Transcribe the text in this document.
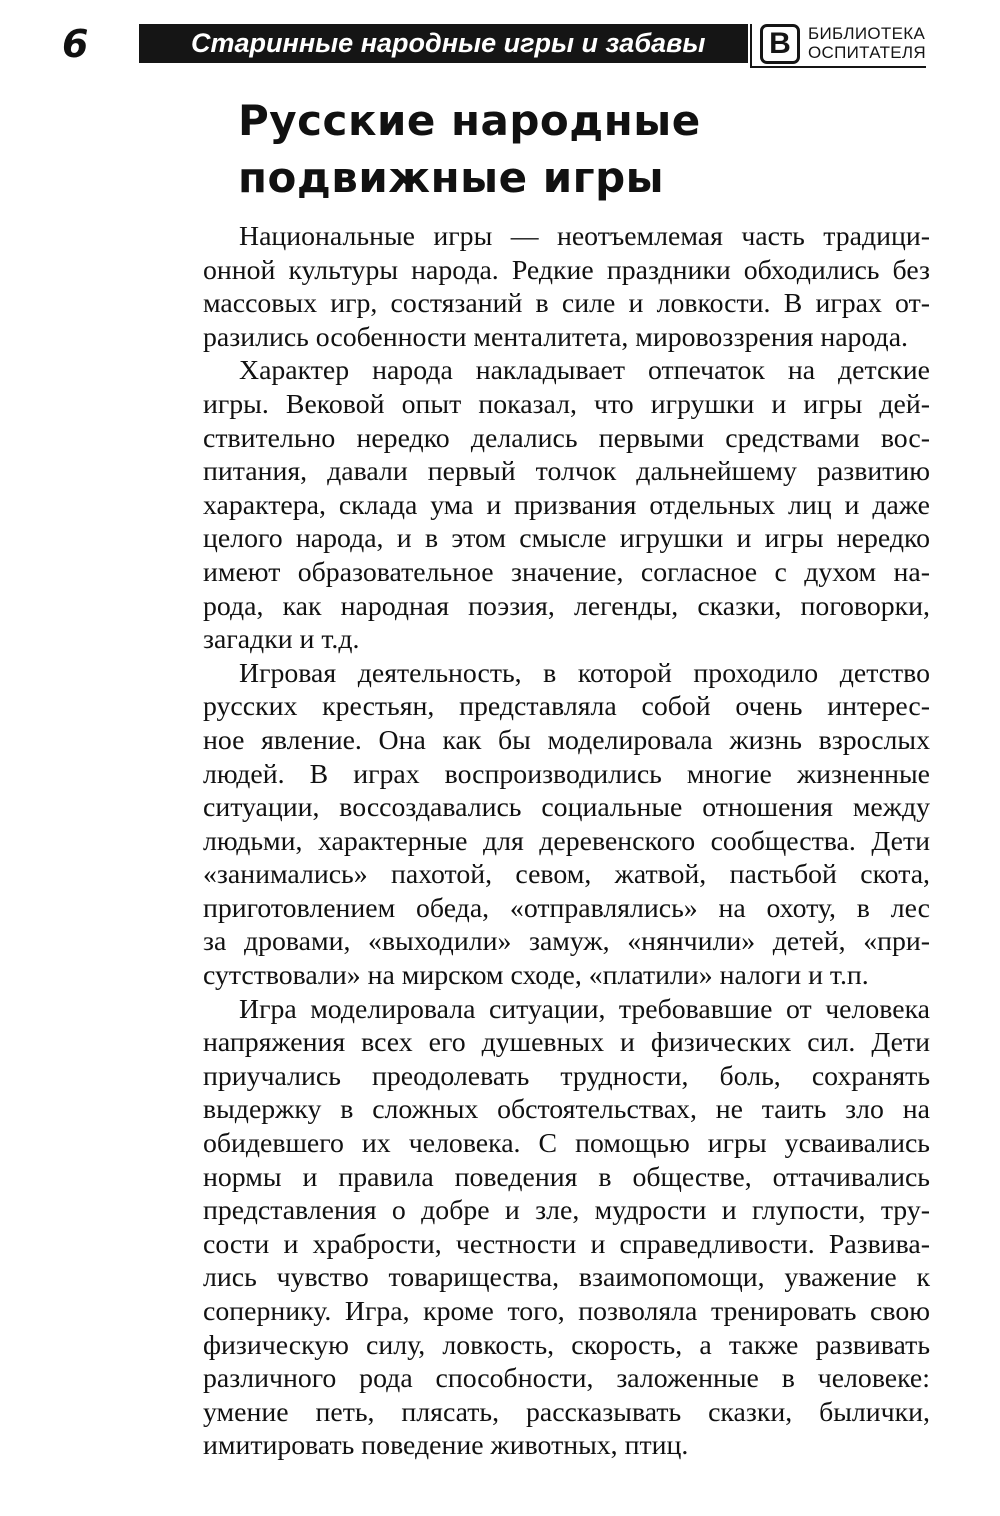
6	Старинные народные игры и забавы	В	БИБЛИОТЕКА
ОСПИТАТЕЛЯ
Русские народные
подвижные игры

Национальные игры — неотъемлемая часть традици-
онной культуры народа. Редкие праздники обходились без
массовых игр, состязаний в силе и ловкости. В играх от-
разились особенности менталитета, мировоззрения народа.

Характер народа накладывает отпечаток на детские
игры. Вековой опыт показал, что игрушки и игры дей-
ствительно нередко делались первыми средствами вос-
питания, давали первый толчок дальнейшему развитию
характера, склада ума и призвания отдельных лиц и даже
целого народа, и в этом смысле игрушки и игры нередко
имеют образовательное значение, согласное с духом на-
рода, как народная поэзия, легенды, сказки, поговорки,
загадки и т.д.

Игровая деятельность, в которой проходило детство
русских крестьян, представляла собой очень интерес-
ное явление. Она как бы моделировала жизнь взрослых
людей. В играх воспроизводились многие жизненные
ситуации, воссоздавались социальные отношения между
людьми, характерные для деревенского сообщества. Дети
«занимались» пахотой, севом, жатвой, пастьбой скота,
приготовлением обеда, «отправлялись» на охоту, в лес
за дровами, «выходили» замуж, «нянчили» детей, «при-
сутствовали» на мирском сходе, «платили» налоги и т.п.

Игра моделировала ситуации, требовавшие от человека
напряжения всех его душевных и физических сил. Дети
приучались преодолевать трудности, боль, сохранять
выдержку в сложных обстоятельствах, не таить зло на
обидевшего их человека. С помощью игры усваивались
нормы и правила поведения в обществе, оттачивались
представления о добре и зле, мудрости и глупости, тру-
сости и храбрости, честности и справедливости. Развива-
лись чувство товарищества, взаимопомощи, уважение к
сопернику. Игра, кроме того, позволяла тренировать свою
физическую силу, ловкость, скорость, а также развивать
различного рода способности, заложенные в человеке:
умение петь, плясать, рассказывать сказки, былички,
имитировать поведение животных, птиц.
